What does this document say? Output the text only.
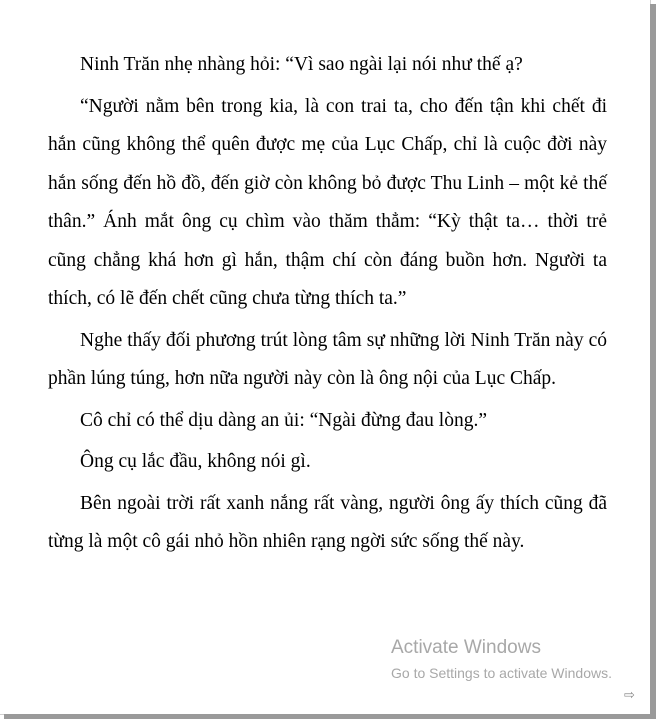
Ninh Trăn nhẹ nhàng hỏi: “Vì sao ngài lại nói như thế ạ?

“Người nằm bên trong kia, là con trai ta, cho đến tận khi chết đi hắn cũng không thể quên được mẹ của Lục Chấp, chỉ là cuộc đời này hắn sống đến hồ đồ, đến giờ còn không bỏ được Thu Linh – một kẻ thế thân.” Ánh mắt ông cụ chìm vào thăm thẳm: “Kỳ thật ta… thời trẻ cũng chẳng khá hơn gì hắn, thậm chí còn đáng buồn hơn. Người ta thích, có lẽ đến chết cũng chưa từng thích ta.”

Nghe thấy đối phương trút lòng tâm sự những lời Ninh Trăn này có phần lúng túng, hơn nữa người này còn là ông nội của Lục Chấp.

Cô chỉ có thể dịu dàng an ủi: “Ngài đừng đau lòng.”

Ông cụ lắc đầu, không nói gì.

Bên ngoài trời rất xanh nắng rất vàng, người ông ấy thích cũng đã từng là một cô gái nhỏ hồn nhiên rạng ngời sức sống thế này.

Activate Windows
Go to Settings to activate Windows.
⇨
